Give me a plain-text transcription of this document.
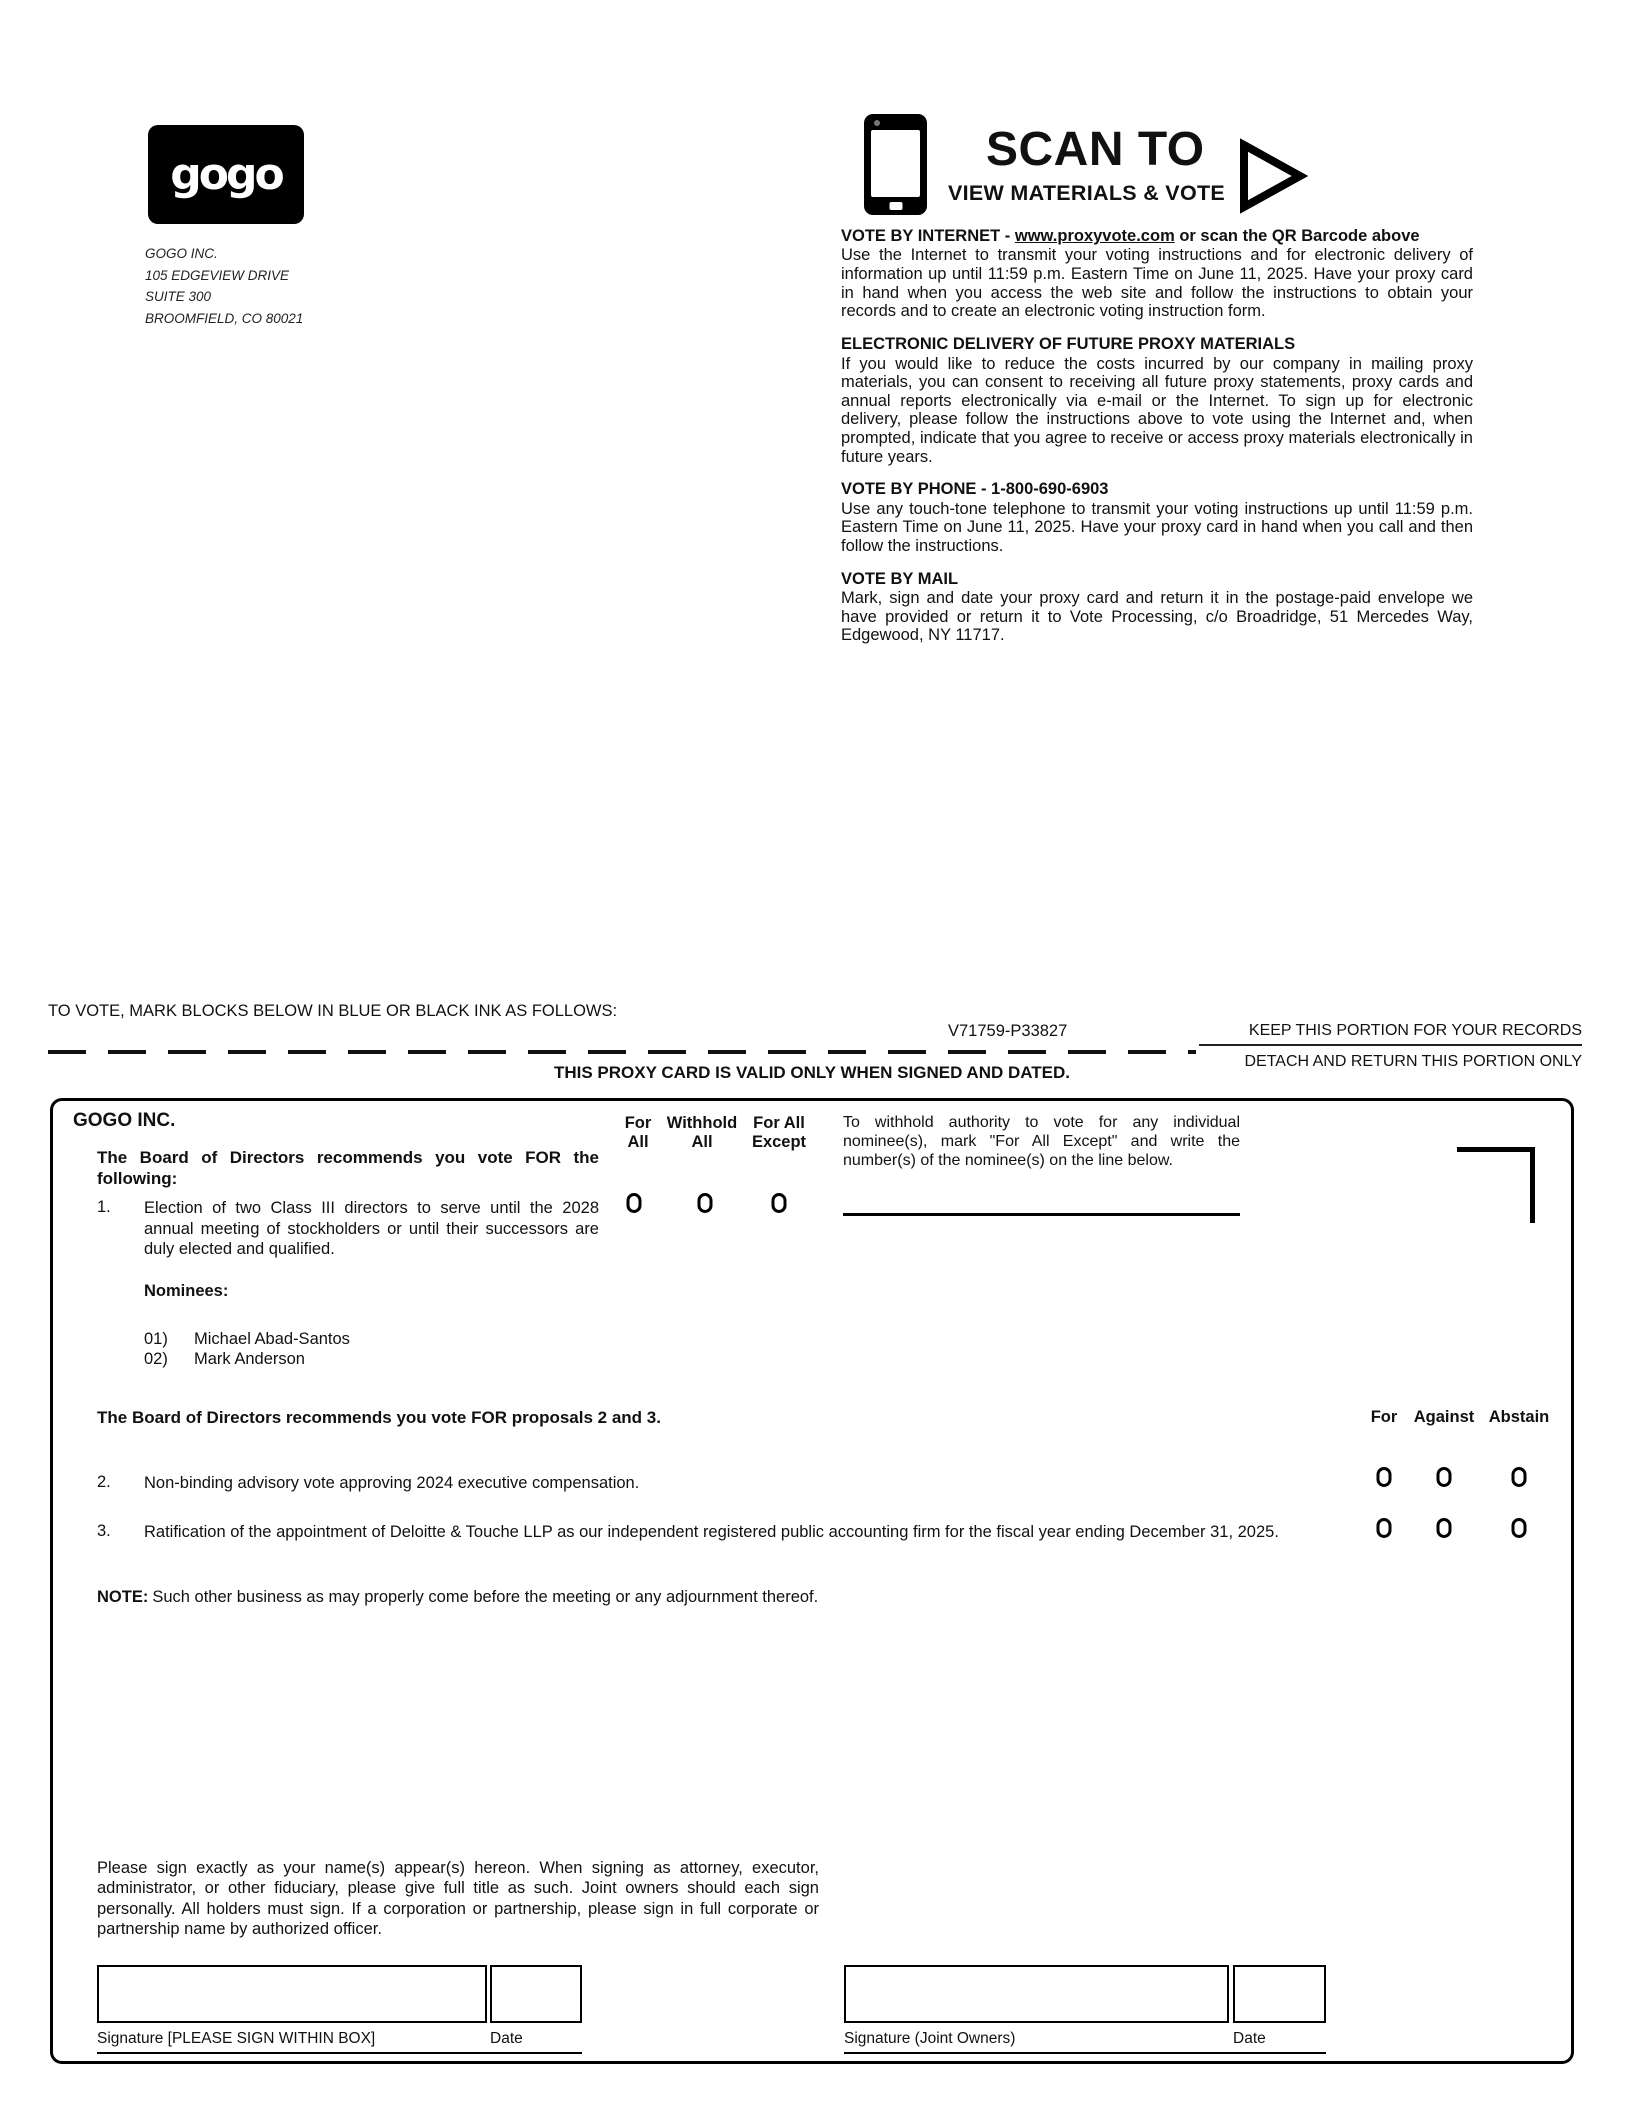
gogo
GOGO INC.
105 EDGEVIEW DRIVE
SUITE 300
BROOMFIELD, CO 80021
SCAN TO
VIEW MATERIALS & VOTE
VOTE BY INTERNET - www.proxyvote.com or scan the QR Barcode above
Use the Internet to transmit your voting instructions and for electronic delivery of information up until 11:59 p.m. Eastern Time on June 11, 2025. Have your proxy card in hand when you access the web site and follow the instructions to obtain your records and to create an electronic voting instruction form.
ELECTRONIC DELIVERY OF FUTURE PROXY MATERIALS
If you would like to reduce the costs incurred by our company in mailing proxy materials, you can consent to receiving all future proxy statements, proxy cards and annual reports electronically via e-mail or the Internet. To sign up for electronic delivery, please follow the instructions above to vote using the Internet and, when prompted, indicate that you agree to receive or access proxy materials electronically in future years.
VOTE BY PHONE - 1-800-690-6903
Use any touch-tone telephone to transmit your voting instructions up until 11:59 p.m. Eastern Time on June 11, 2025. Have your proxy card in hand when you call and then follow the instructions.
VOTE BY MAIL
Mark, sign and date your proxy card and return it in the postage-paid envelope we have provided or return it to Vote Processing, c/o Broadridge, 51 Mercedes Way, Edgewood, NY 11717.
TO VOTE, MARK BLOCKS BELOW IN BLUE OR BLACK INK AS FOLLOWS:
V71759-P33827	KEEP THIS PORTION FOR YOUR RECORDS
DETACH AND RETURN THIS PORTION ONLY
THIS PROXY CARD IS VALID ONLY WHEN SIGNED AND DATED.
GOGO INC.
The Board of Directors recommends you vote FOR the following:
For
All
Withhold
All
For All
Except
To withhold authority to vote for any individual nominee(s), mark "For All Except" and write the number(s) of the nominee(s) on the line below.
1. Election of two Class III directors to serve until the 2028 annual meeting of stockholders or until their successors are duly elected and qualified.
Nominees:
01) Michael Abad-Santos
02) Mark Anderson
The Board of Directors recommends you vote FOR proposals 2 and 3.	For Against Abstain
2. Non-binding advisory vote approving 2024 executive compensation.
3. Ratification of the appointment of Deloitte & Touche LLP as our independent registered public accounting firm for the fiscal year ending December 31, 2025.
NOTE: Such other business as may properly come before the meeting or any adjournment thereof.
Please sign exactly as your name(s) appear(s) hereon. When signing as attorney, executor, administrator, or other fiduciary, please give full title as such. Joint owners should each sign personally. All holders must sign. If a corporation or partnership, please sign in full corporate or partnership name by authorized officer.
Signature [PLEASE SIGN WITHIN BOX]	Date	Signature (Joint Owners)	Date
